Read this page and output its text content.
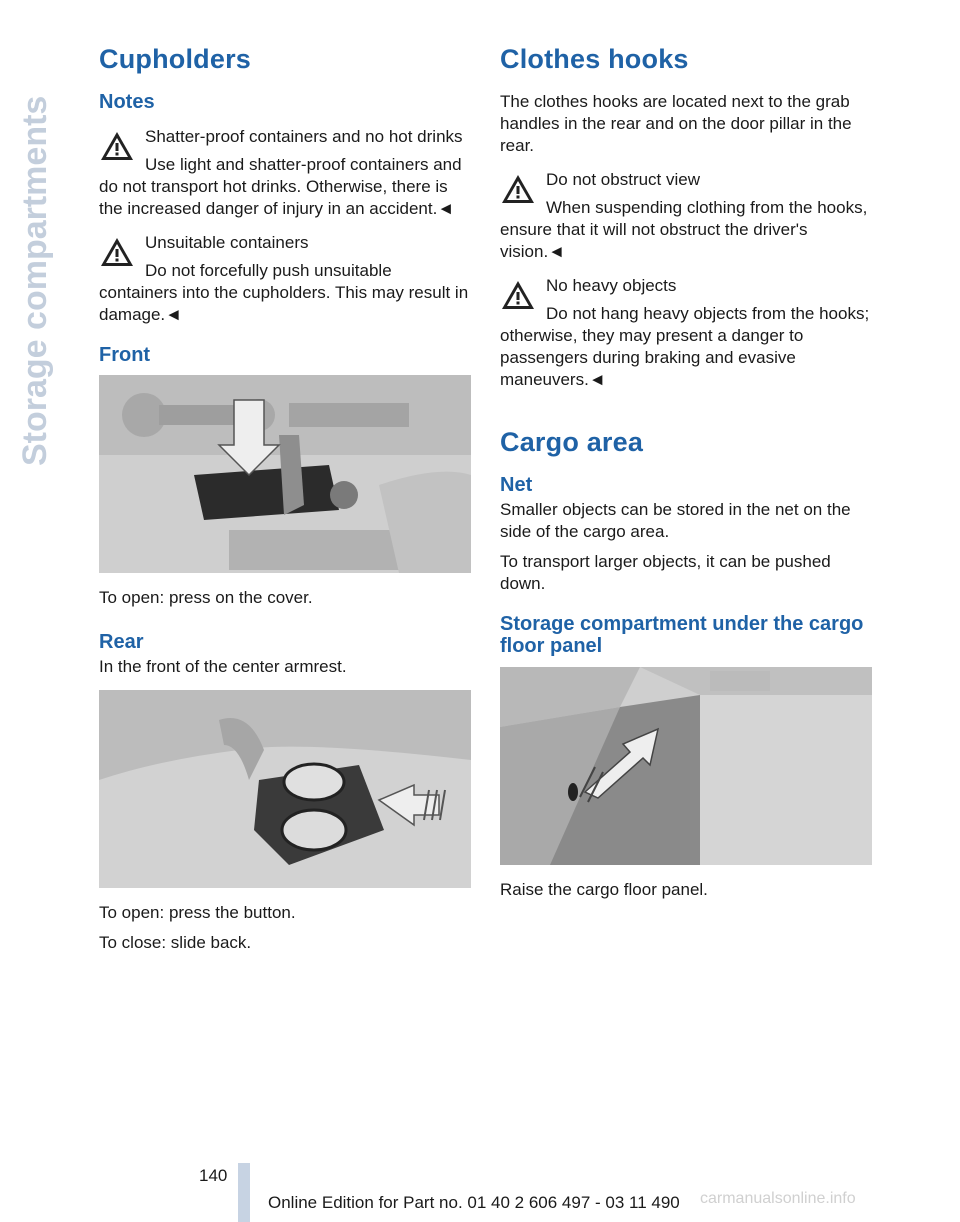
Storage compartments
Cupholders
Notes
Shatter-proof containers and no hot drinks
Use light and shatter-proof containers and do not transport hot drinks. Otherwise, there is the increased danger of injury in an accident.◄
Unsuitable containers
Do not forcefully push unsuitable containers into the cupholders. This may result in damage.◄
Front

To open: press on the cover.

Rear

In the front of the center armrest.

To open: press the button.

To close: slide back.

Clothes hooks

The clothes hooks are located next to the grab handles in the rear and on the door pillar in the rear.

Do not obstruct view
When suspending clothing from the hooks, ensure that it will not obstruct the driver's vision.◄
No heavy objects
Do not hang heavy objects from the hooks; otherwise, they may present a danger to passengers during braking and evasive maneuvers.◄
Cargo area
Net

Smaller objects can be stored in the net on the side of the cargo area.

To transport larger objects, it can be pushed down.

Storage compartment under the cargo floor panel

Raise the cargo floor panel.

140
Online Edition for Part no. 01 40 2 606 497 - 03 11 490 carmanualsonline.info
